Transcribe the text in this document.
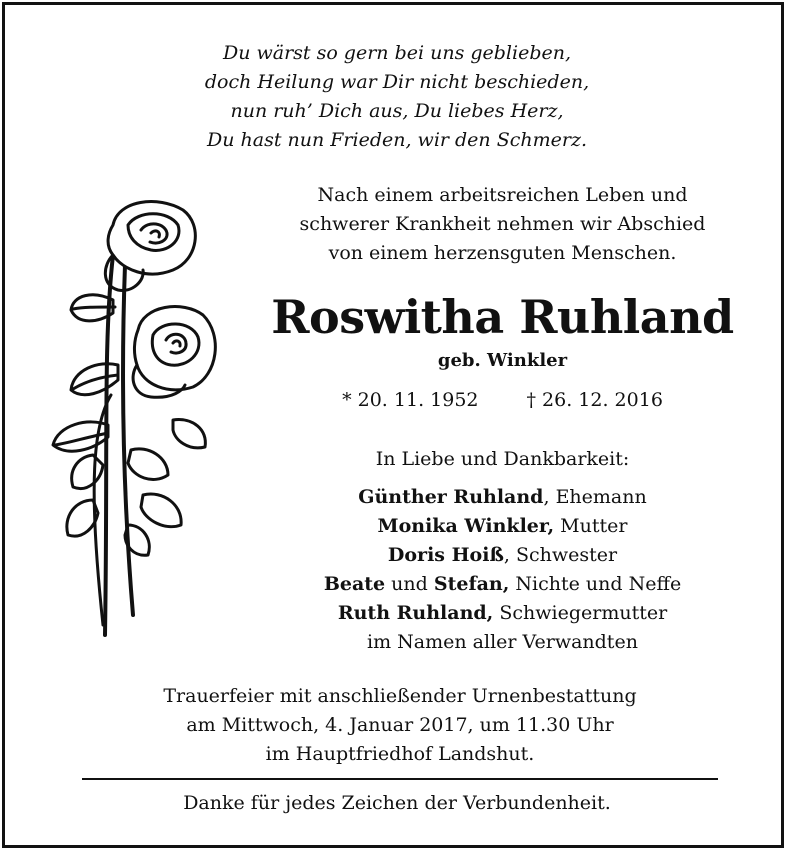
Du wärst so gern bei uns geblieben,
doch Heilung war Dir nicht beschieden,
nun ruh’ Dich aus, Du liebes Herz,
Du hast nun Frieden, wir den Schmerz.
Nach einem arbeitsreichen Leben und
schwerer Krankheit nehmen wir Abschied
von einem herzensguten Menschen.
Roswitha Ruhland
geb. Winkler
* 20. 11. 1952	† 26. 12. 2016
In Liebe und Dankbarkeit:
Günther Ruhland, Ehemann
Monika Winkler, Mutter
Doris Hoiß, Schwester
Beate und Stefan, Nichte und Neffe
Ruth Ruhland, Schwiegermutter
im Namen aller Verwandten
Trauerfeier mit anschließender Urnenbestattung
am Mittwoch, 4. Januar 2017, um 11.30 Uhr
im Hauptfriedhof Landshut.
Danke für jedes Zeichen der Verbundenheit.
